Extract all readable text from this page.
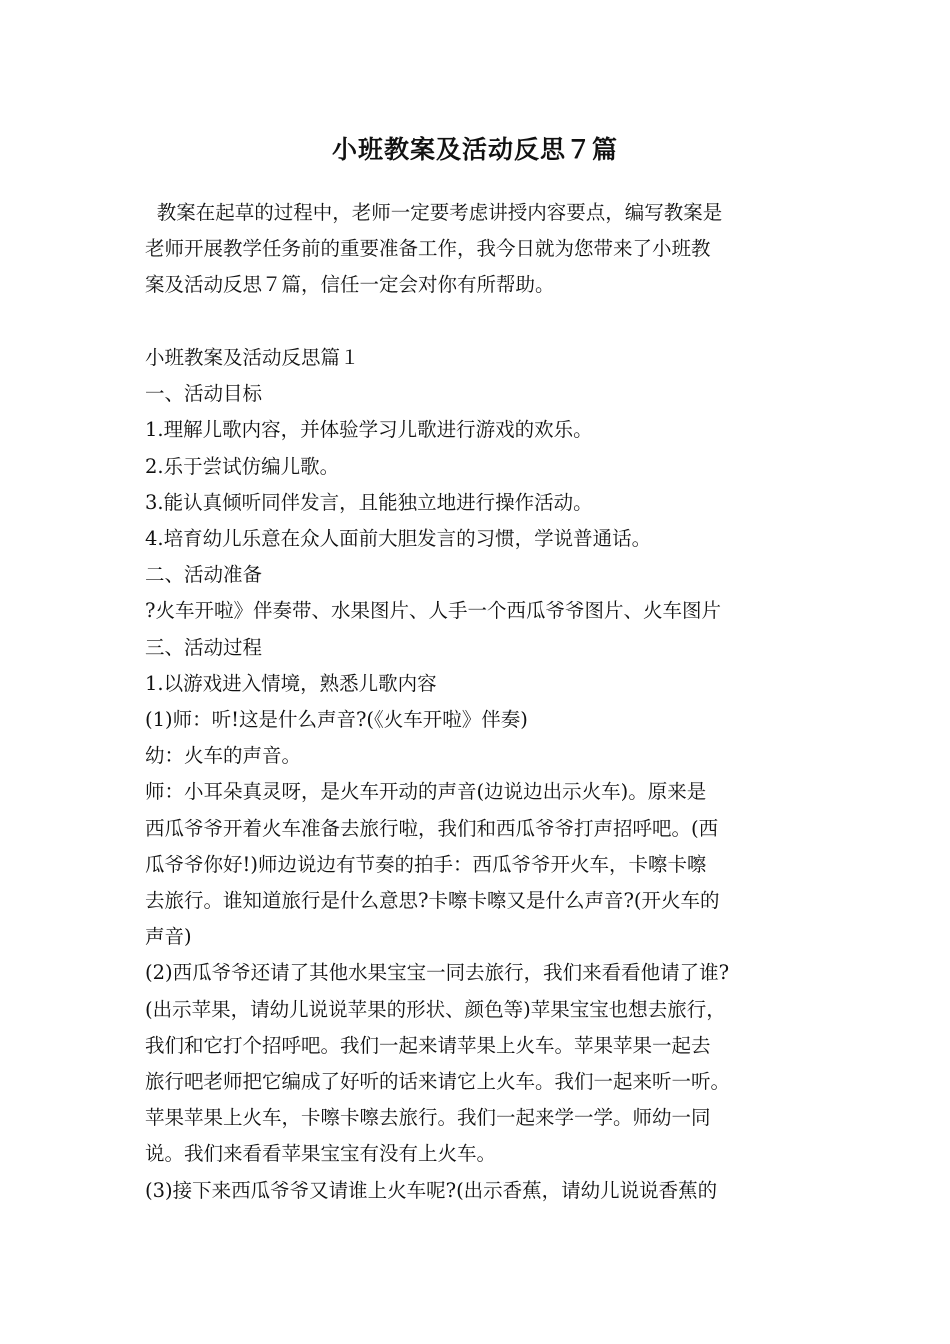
小班教案及活动反思７篇
教案在起草的过程中，老师一定要考虑讲授内容要点，编写教案是
老师开展教学任务前的重要准备工作，我今日就为您带来了小班教
案及活动反思７篇，信任一定会对你有所帮助。

小班教案及活动反思篇１

一、活动目标

1.理解儿歌内容，并体验学习儿歌进行游戏的欢乐。

2.乐于尝试仿编儿歌。

3.能认真倾听同伴发言，且能独立地进行操作活动。

4.培育幼儿乐意在众人面前大胆发言的习惯，学说普通话。

二、活动准备

?火车开啦》伴奏带、水果图片、人手一个西瓜爷爷图片、火车图片

三、活动过程

1.以游戏进入情境，熟悉儿歌内容

(1)师：听!这是什么声音?(《火车开啦》伴奏)

幼：火车的声音。

师：小耳朵真灵呀，是火车开动的声音(边说边出示火车)。原来是

西瓜爷爷开着火车准备去旅行啦，我们和西瓜爷爷打声招呼吧。(西

瓜爷爷你好!)师边说边有节奏的拍手：西瓜爷爷开火车，卡嚓卡嚓

去旅行。谁知道旅行是什么意思?卡嚓卡嚓又是什么声音?(开火车的

声音)

(2)西瓜爷爷还请了其他水果宝宝一同去旅行，我们来看看他请了谁?

(出示苹果，请幼儿说说苹果的形状、颜色等)苹果宝宝也想去旅行，

我们和它打个招呼吧。我们一起来请苹果上火车。苹果苹果一起去

旅行吧老师把它编成了好听的话来请它上火车。我们一起来听一听。

苹果苹果上火车，卡嚓卡嚓去旅行。我们一起来学一学。师幼一同

说。我们来看看苹果宝宝有没有上火车。

(3)接下来西瓜爷爷又请谁上火车呢?(出示香蕉，请幼儿说说香蕉的
